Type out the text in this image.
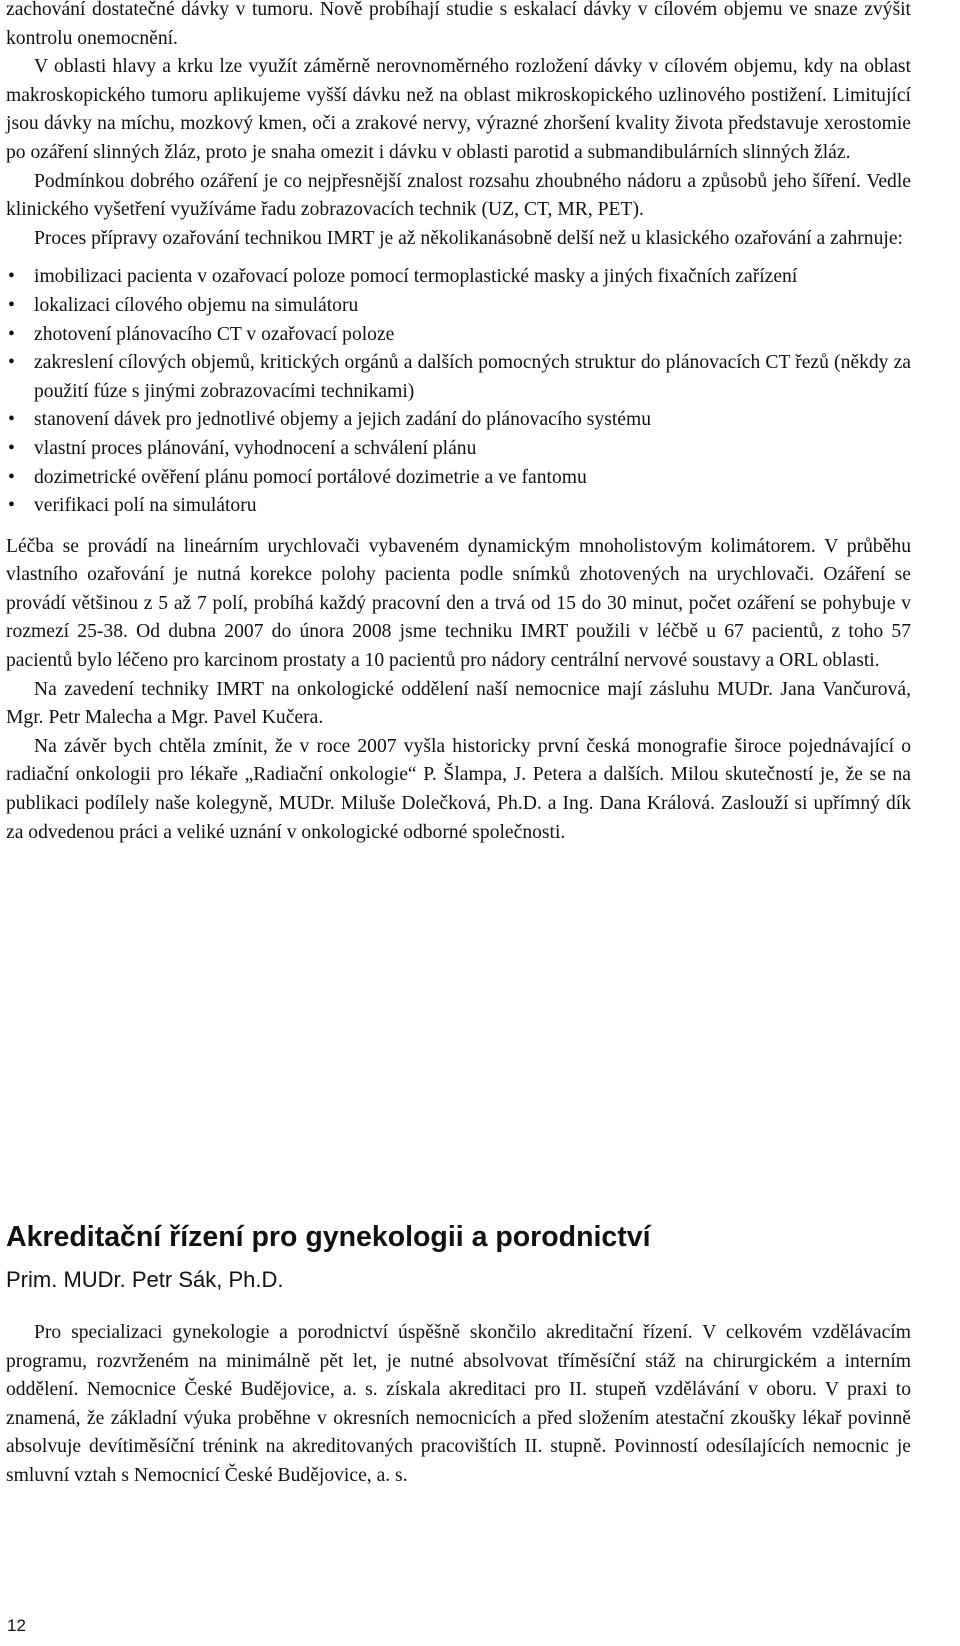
zachování dostatečné dávky v tumoru. Nově probíhají studie s eskalací dávky v cílovém objemu ve snaze zvýšit kontrolu onemocnění.

V oblasti hlavy a krku lze využít záměrně nerovnoměrného rozložení dávky v cílovém objemu, kdy na oblast makroskopického tumoru aplikujeme vyšší dávku než na oblast mikroskopického uzlinového postižení. Limitující jsou dávky na míchu, mozkový kmen, oči a zrakové nervy, výrazné zhoršení kvality života představuje xerostomie po ozáření slinných žláz, proto je snaha omezit i dávku v oblasti parotid a submandibulárních slinných žláz.

Podmínkou dobrého ozáření je co nejpřesnější znalost rozsahu zhoubného nádoru a způsobů jeho šíření. Vedle klinického vyšetření využíváme řadu zobrazovacích technik (UZ, CT, MR, PET).

Proces přípravy ozařování technikou IMRT je až několikanásobně delší než u klasického ozařování a zahrnuje:

• imobilizaci pacienta v ozařovací poloze pomocí termoplastické masky a jiných fixačních zařízení
• lokalizaci cílového objemu na simulátoru
• zhotovení plánovacího CT v ozařovací poloze
• zakreslení cílových objemů, kritických orgánů a dalších pomocných struktur do plánovacích CT řezů (někdy za použití fúze s jinými zobrazovacími technikami)
• stanovení dávek pro jednotlivé objemy a jejich zadání do plánovacího systému
• vlastní proces plánování, vyhodnocení a schválení plánu
• dozimetrické ověření plánu pomocí portálové dozimetrie a ve fantomu
• verifikaci polí na simulátoru

Léčba se provádí na lineárním urychlovači vybaveném dynamickým mnoholistovým kolimátorem. V průběhu vlastního ozařování je nutná korekce polohy pacienta podle snímků zhotovených na urychlovači. Ozáření se provádí většinou z 5 až 7 polí, probíhá každý pracovní den a trvá od 15 do 30 minut, počet ozáření se pohybuje v rozmezí 25-38. Od dubna 2007 do února 2008 jsme techniku IMRT použili v léčbě u 67 pacientů, z toho 57 pacientů bylo léčeno pro karcinom prostaty a 10 pacientů pro nádory centrální nervové soustavy a ORL oblasti.

Na zavedení techniky IMRT na onkologické oddělení naší nemocnice mají zásluhu MUDr. Jana Vančurová, Mgr. Petr Malecha a Mgr. Pavel Kučera.

Na závěr bych chtěla zmínit, že v roce 2007 vyšla historicky první česká monografie široce pojednávající o radiační onkologii pro lékaře „Radiační onkologie“ P. Šlampa, J. Petera a dalších. Milou skutečností je, že se na publikaci podílely naše kolegyně, MUDr. Miluše Dolečková, Ph.D. a Ing. Dana Králová. Zaslouží si upřímný dík za odvedenou práci a veliké uznání v onkologické odborné společnosti.

Akreditační řízení pro gynekologii a porodnictví

Prim. MUDr. Petr Sák, Ph.D.

Pro specializaci gynekologie a porodnictví úspěšně skončilo akreditační řízení. V celkovém vzdělávacím programu, rozvrženém na minimálně pět let, je nutné absolvovat tříměsíční stáž na chirurgickém a interním oddělení. Nemocnice České Budějovice, a. s. získala akreditaci pro II. stupeň vzdělávání v oboru. V praxi to znamená, že základní výuka proběhne v okresních nemocnicích a před složením atestační zkoušky lékař povinně absolvuje devítiměsíční trénink na akreditovaných pracovištích II. stupně. Povinností odesílajících nemocnic je smluvní vztah s Nemocnicí České Budějovice, a. s.

12
